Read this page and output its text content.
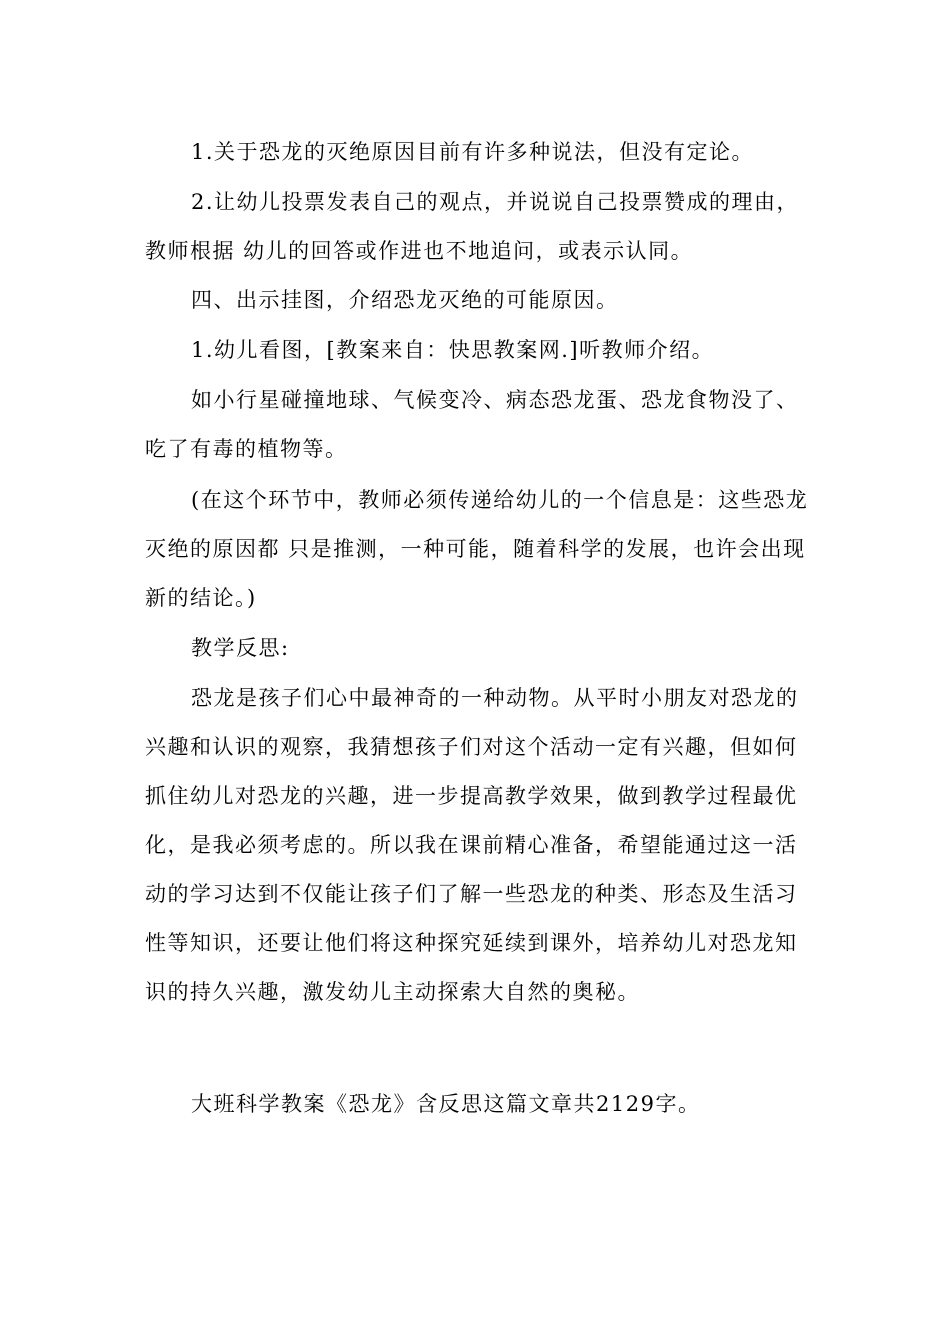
1.关于恐龙的灭绝原因目前有许多种说法，但没有定论。

2.让幼儿投票发表自己的观点，并说说自己投票赞成的理由，
教师根据 幼儿的回答或作进也不地追问，或表示认同。

四、出示挂图，介绍恐龙灭绝的可能原因。

1.幼儿看图，[教案来自：快思教案网.]听教师介绍。

如小行星碰撞地球、气候变冷、病态恐龙蛋、恐龙食物没了、
吃了有毒的植物等。

(在这个环节中，教师必须传递给幼儿的一个信息是：这些恐龙
灭绝的原因都 只是推测，一种可能，随着科学的发展，也许会出现
新的结论。)

教学反思:

恐龙是孩子们心中最神奇的一种动物。从平时小朋友对恐龙的
兴趣和认识的观察，我猜想孩子们对这个活动一定有兴趣，但如何
抓住幼儿对恐龙的兴趣，进一步提高教学效果，做到教学过程最优
化，是我必须考虑的。所以我在课前精心准备，希望能通过这一活
动的学习达到不仅能让孩子们了解一些恐龙的种类、形态及生活习
性等知识，还要让他们将这种探究延续到课外，培养幼儿对恐龙知
识的持久兴趣，激发幼儿主动探索大自然的奥秘。

大班科学教案《恐龙》含反思这篇文章共2129字。
